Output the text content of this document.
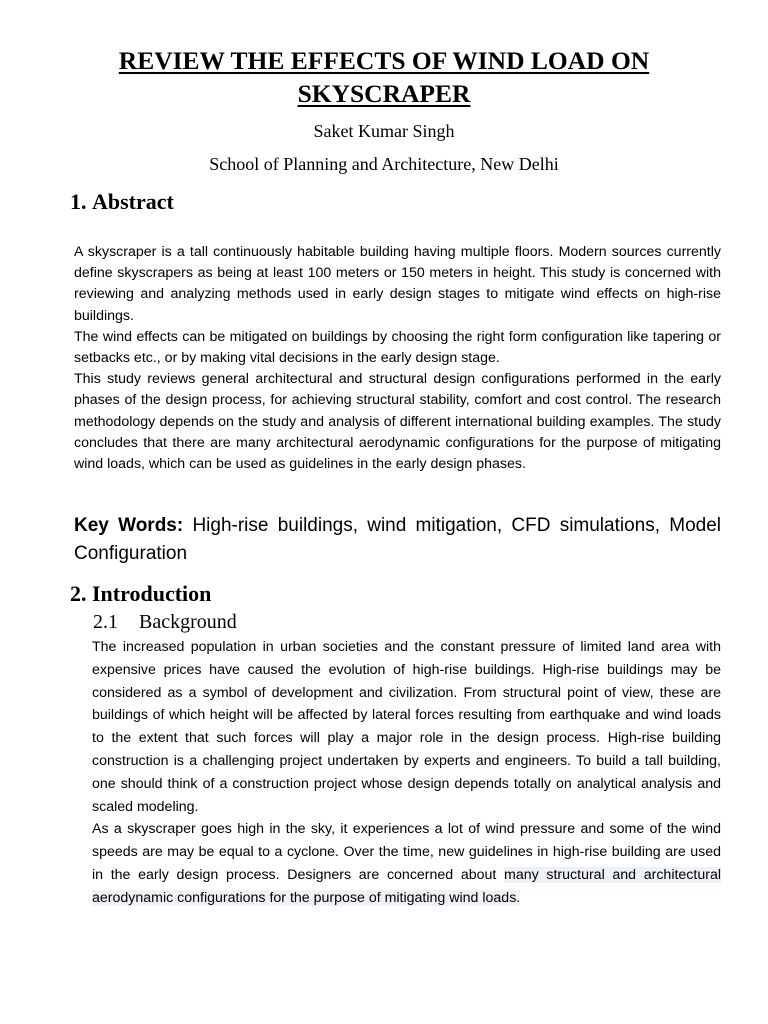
REVIEW THE EFFECTS OF WIND LOAD ON SKYSCRAPER
Saket Kumar Singh
School of Planning and Architecture, New Delhi
1. Abstract

A skyscraper is a tall continuously habitable building having multiple floors. Modern sources currently define skyscrapers as being at least 100 meters or 150 meters in height. This study is concerned with reviewing and analyzing methods used in early design stages to mitigate wind effects on high-rise buildings.

The wind effects can be mitigated on buildings by choosing the right form configuration like tapering or setbacks etc., or by making vital decisions in the early design stage.

This study reviews general architectural and structural design configurations performed in the early phases of the design process, for achieving structural stability, comfort and cost control. The research methodology depends on the study and analysis of different international building examples. The study concludes that there are many architectural aerodynamic configurations for the purpose of mitigating wind loads, which can be used as guidelines in the early design phases.

Key Words: High-rise buildings, wind mitigation, CFD simulations, Model Configuration

2. Introduction
2.1 Background

The increased population in urban societies and the constant pressure of limited land area with expensive prices have caused the evolution of high-rise buildings. High-rise buildings may be considered as a symbol of development and civilization. From structural point of view, these are buildings of which height will be affected by lateral forces resulting from earthquake and wind loads to the extent that such forces will play a major role in the design process. High-rise building construction is a challenging project undertaken by experts and engineers. To build a tall building, one should think of a construction project whose design depends totally on analytical analysis and scaled modeling.

As a skyscraper goes high in the sky, it experiences a lot of wind pressure and some of the wind speeds are may be equal to a cyclone. Over the time, new guidelines in high-rise building are used in the early design process. Designers are concerned about many structural and architectural aerodynamic configurations for the purpose of mitigating wind loads.
